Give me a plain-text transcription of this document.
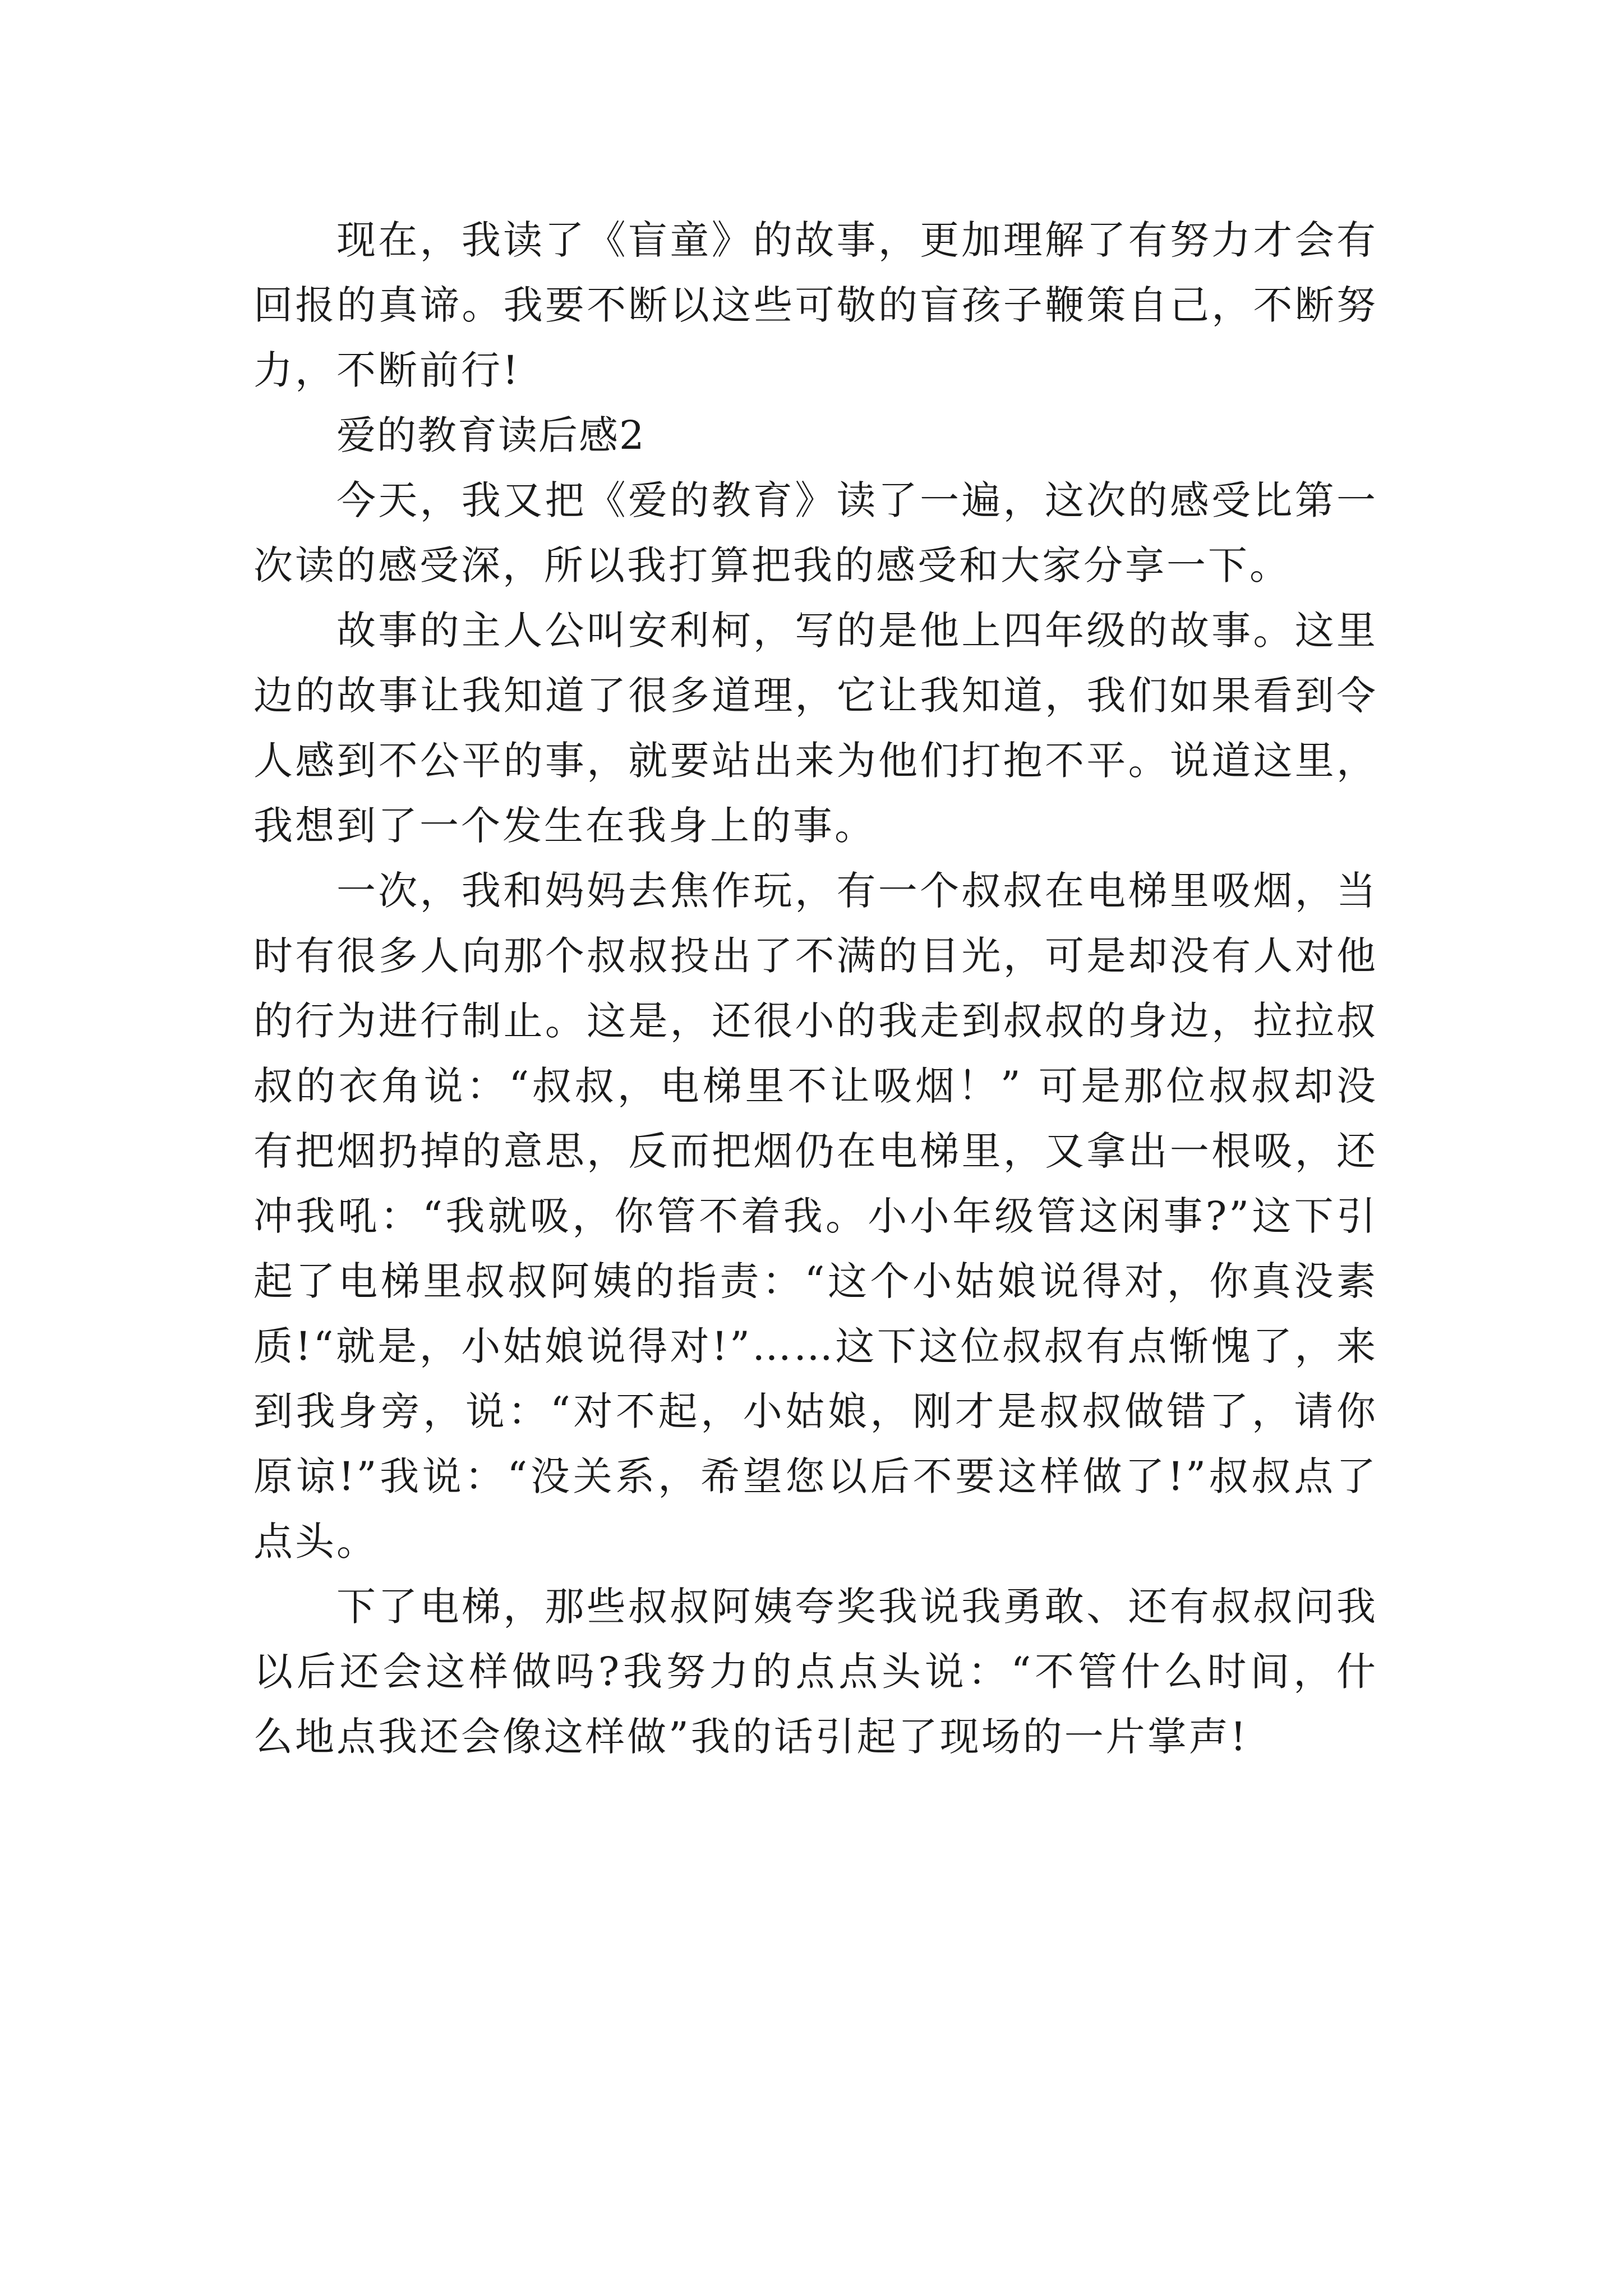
现在，我读了《盲童》的故事，更加理解了有努力才会有回报的真谛。我要不断以这些可敬的盲孩子鞭策自己，不断努力，不断前行!

爱的教育读后感2

今天，我又把《爱的教育》读了一遍，这次的感受比第一次读的感受深，所以我打算把我的感受和大家分享一下。

故事的主人公叫安利柯，写的是他上四年级的故事。这里边的故事让我知道了很多道理，它让我知道，我们如果看到令人感到不公平的事，就要站出来为他们打抱不平。说道这里，我想到了一个发生在我身上的事。

一次，我和妈妈去焦作玩，有一个叔叔在电梯里吸烟，当时有很多人向那个叔叔投出了不满的目光，可是却没有人对他的行为进行制止。这是，还很小的我走到叔叔的身边，拉拉叔叔的衣角说：“叔叔，电梯里不让吸烟！” 可是那位叔叔却没有把烟扔掉的意思，反而把烟仍在电梯里，又拿出一根吸，还冲我吼：“我就吸，你管不着我。小小年级管这闲事?”这下引起了电梯里叔叔阿姨的指责：“这个小姑娘说得对，你真没素质!“就是，小姑娘说得对!”……这下这位叔叔有点惭愧了，来到我身旁，说：“对不起，小姑娘，刚才是叔叔做错了，请你原谅!”我说：“没关系，希望您以后不要这样做了!”叔叔点了点头。

下了电梯，那些叔叔阿姨夸奖我说我勇敢、还有叔叔问我以后还会这样做吗?我努力的点点头说：“不管什么时间，什么地点我还会像这样做”我的话引起了现场的一片掌声!
